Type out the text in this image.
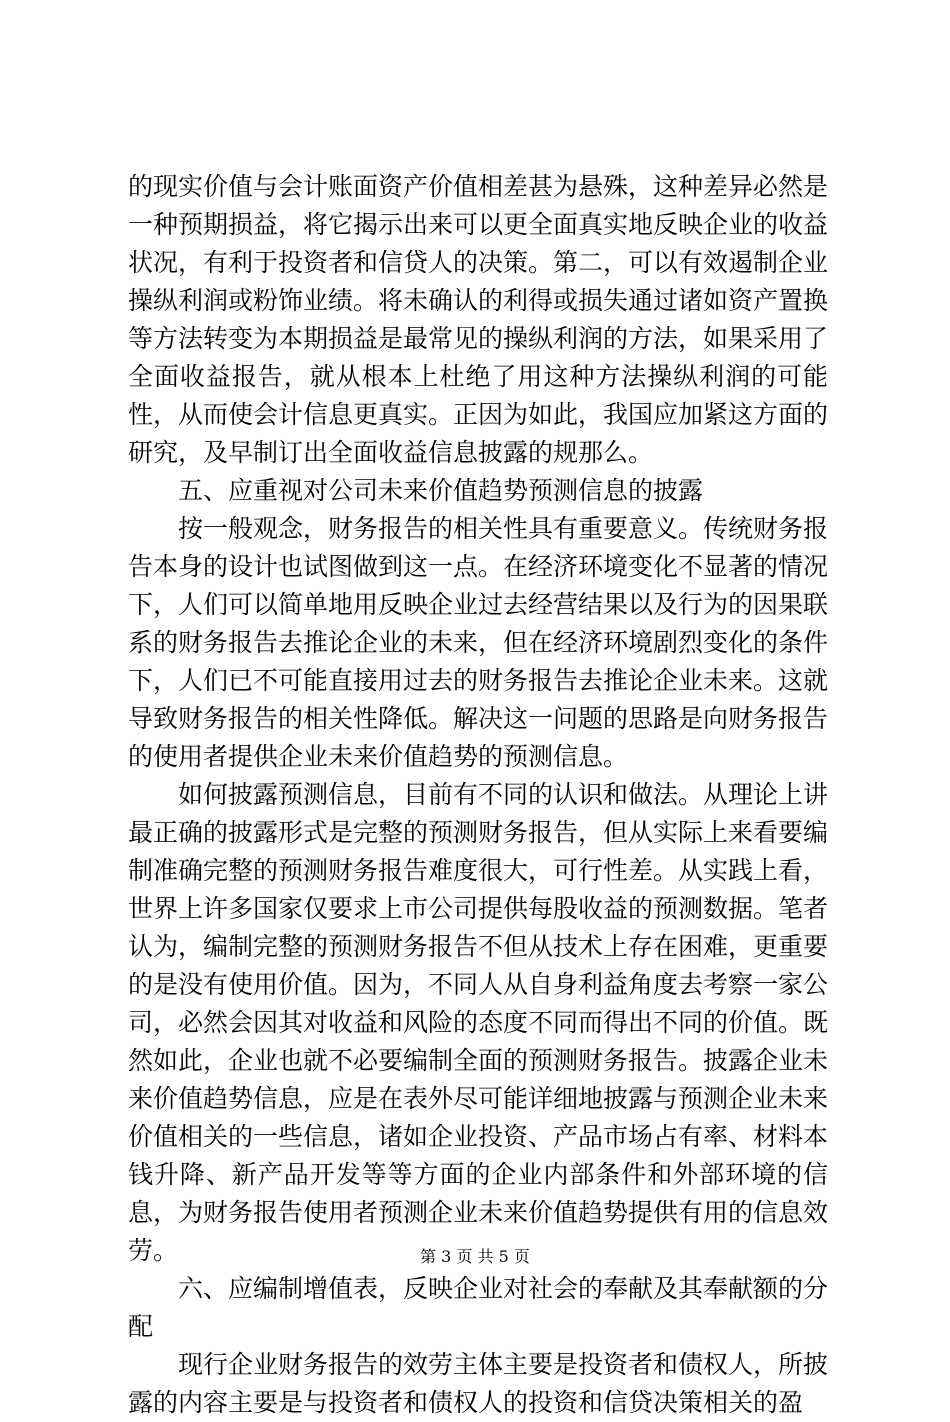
的现实价值与会计账面资产价值相差甚为悬殊，这种差异必然是一种预期损益，将它揭示出来可以更全面真实地反映企业的收益状况，有利于投资者和信贷人的决策。第二，可以有效遏制企业操纵利润或粉饰业绩。将未确认的利得或损失通过诸如资产置换等方法转变为本期损益是最常见的操纵利润的方法，如果采用了全面收益报告，就从根本上杜绝了用这种方法操纵利润的可能性，从而使会计信息更真实。正因为如此，我国应加紧这方面的研究，及早制订出全面收益信息披露的规那么。

五、应重视对公司未来价值趋势预测信息的披露

按一般观念，财务报告的相关性具有重要意义。传统财务报告本身的设计也试图做到这一点。在经济环境变化不显著的情况下，人们可以简单地用反映企业过去经营结果以及行为的因果联系的财务报告去推论企业的未来，但在经济环境剧烈变化的条件下，人们已不可能直接用过去的财务报告去推论企业未来。这就导致财务报告的相关性降低。解决这一问题的思路是向财务报告的使用者提供企业未来价值趋势的预测信息。

如何披露预测信息，目前有不同的认识和做法。从理论上讲最正确的披露形式是完整的预测财务报告，但从实际上来看要编制准确完整的预测财务报告难度很大，可行性差。从实践上看，世界上许多国家仅要求上市公司提供每股收益的预测数据。笔者认为，编制完整的预测财务报告不但从技术上存在困难，更重要的是没有使用价值。因为，不同人从自身利益角度去考察一家公司，必然会因其对收益和风险的态度不同而得出不同的价值。既然如此，企业也就不必要编制全面的预测财务报告。披露企业未来价值趋势信息，应是在表外尽可能详细地披露与预测企业未来价值相关的一些信息，诸如企业投资、产品市场占有率、材料本钱升降、新产品开发等等方面的企业内部条件和外部环境的信息，为财务报告使用者预测企业未来价值趋势提供有用的信息效劳。

六、应编制增值表，反映企业对社会的奉献及其奉献额的分配

现行企业财务报告的效劳主体主要是投资者和债权人，所披露的内容主要是与投资者和债权人的投资和信贷决策相关的盈

第 3 页 共 5 页
